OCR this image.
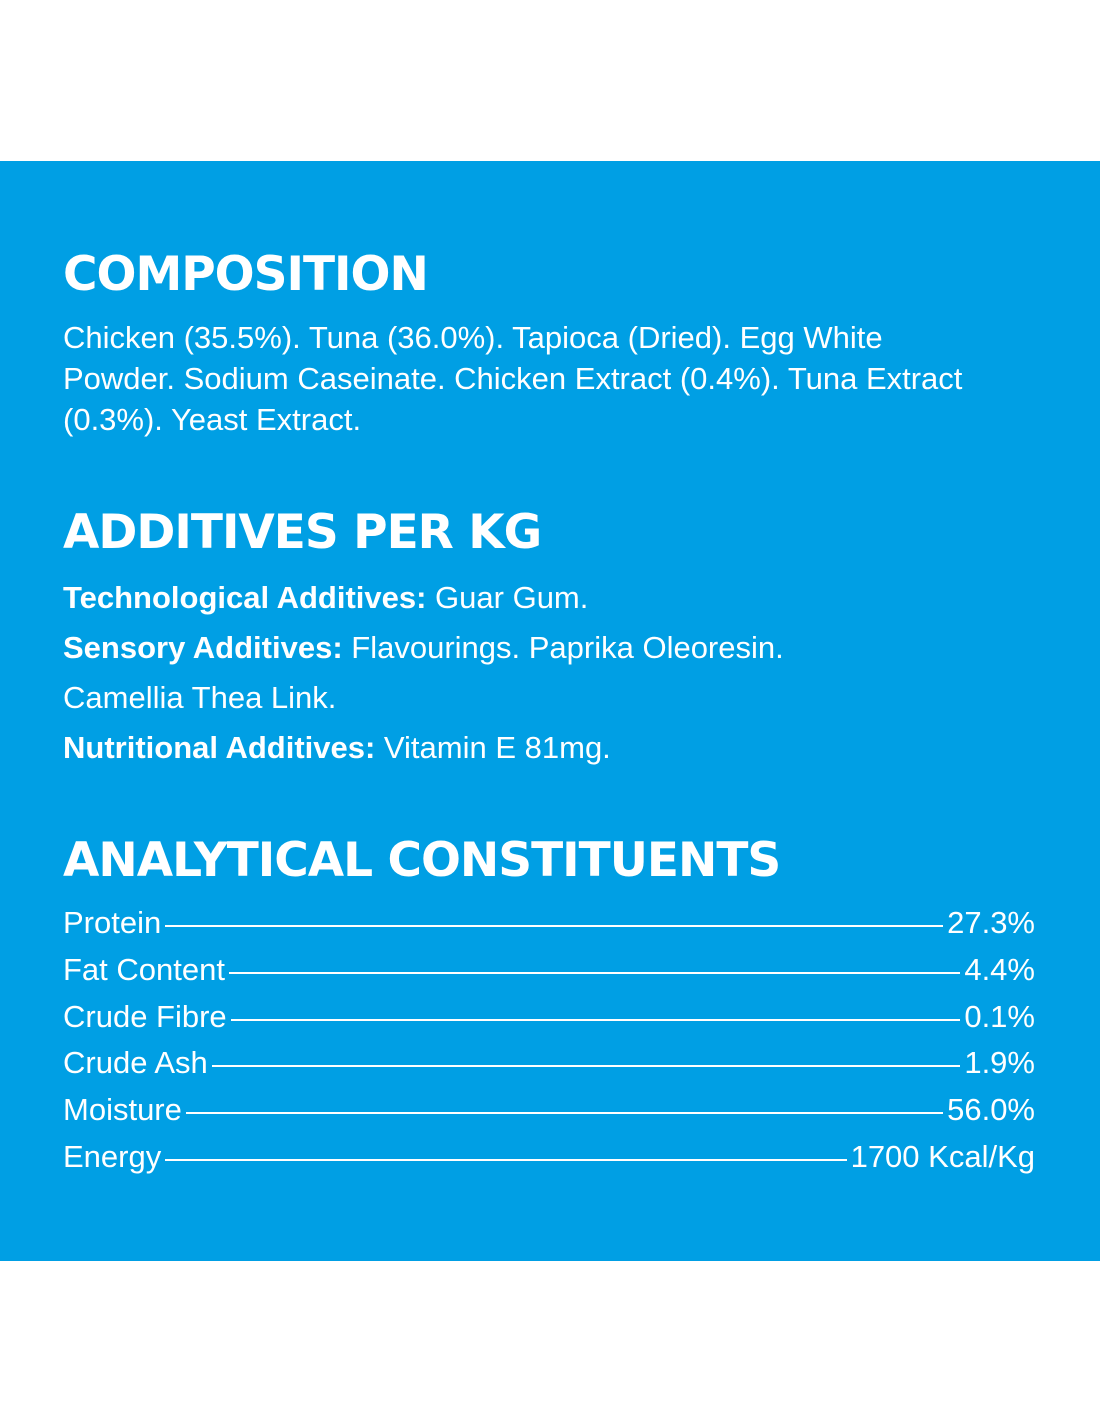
COMPOSITION

Chicken (35.5%). Tuna (36.0%). Tapioca (Dried). Egg White Powder. Sodium Caseinate. Chicken Extract (0.4%). Tuna Extract (0.3%). Yeast Extract.

ADDITIVES PER KG
Technological Additives: Guar Gum.
Sensory Additives: Flavourings. Paprika Oleoresin.
Camellia Thea Link.
Nutritional Additives: Vitamin E 81mg.
ANALYTICAL CONSTITUENTS
Protein	27.3%
Fat Content	4.4%
Crude Fibre	0.1%
Crude Ash	1.9%
Moisture	56.0%
Energy	1700 Kcal/Kg
